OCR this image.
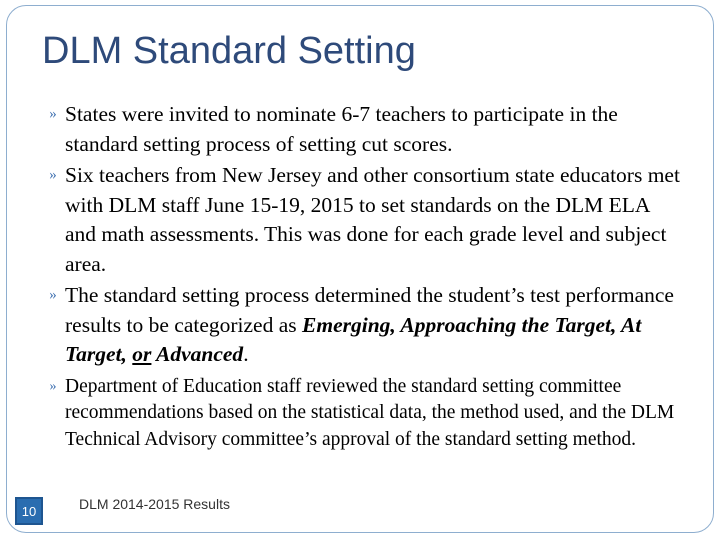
DLM Standard Setting

» States were invited to nominate 6-7 teachers to participate in the standard setting process of setting cut scores.

» Six teachers from New Jersey and other consortium state educators met with DLM staff June 15-19, 2015 to set standards on the DLM ELA and math assessments. This was done for each grade level and subject area.

» The standard setting process determined the student’s test performance results to be categorized as Emerging, Approaching the Target, At Target, or Advanced.

» Department of Education staff reviewed the standard setting committee recommendations based on the statistical data, the method used, and the DLM Technical Advisory committee’s approval of the standard setting method.

10	DLM 2014-2015 Results
